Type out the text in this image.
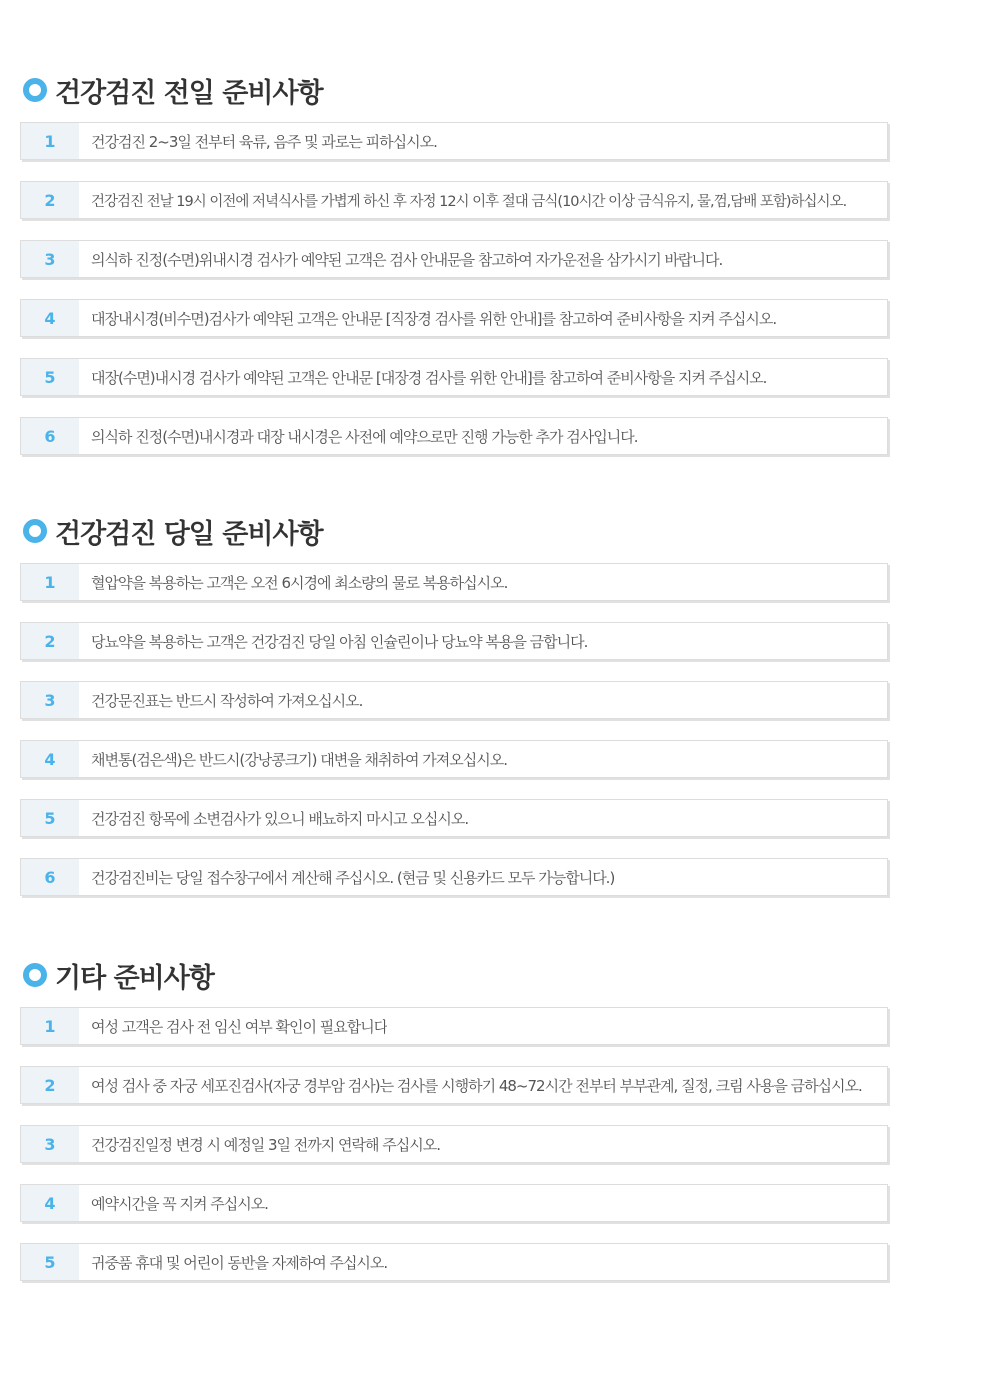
건강검진 전일 준비사항
1	건강검진 2~3일 전부터 육류, 음주 및 과로는 피하십시오.
2	건강검진 전날 19시 이전에 저녁식사를 가볍게 하신 후 자정 12시 이후 절대 금식(10시간 이상 금식유지, 물,껌,담배 포함)하십시오.
3	의식하 진정(수면)위내시경 검사가 예약된 고객은 검사 안내문을 참고하여 자가운전을 삼가시기 바랍니다.
4	대장내시경(비수면)검사가 예약된 고객은 안내문 [직장경 검사를 위한 안내]를 참고하여 준비사항을 지켜 주십시오.
5	대장(수면)내시경 검사가 예약된 고객은 안내문 [대장경 검사를 위한 안내]를 참고하여 준비사항을 지켜 주십시오.
6	의식하 진정(수면)내시경과 대장 내시경은 사전에 예약으로만 진행 가능한 추가 검사입니다.
건강검진 당일 준비사항
1	혈압약을 복용하는 고객은 오전 6시경에 최소량의 물로 복용하십시오.
2	당뇨약을 복용하는 고객은 건강검진 당일 아침 인슐린이나 당뇨약 복용을 금합니다.
3	건강문진표는 반드시 작성하여 가져오십시오.
4	채변통(검은색)은 반드시(강낭콩크기) 대변을 채취하여 가져오십시오.
5	건강검진 항목에 소변검사가 있으니 배뇨하지 마시고 오십시오.
6	건강검진비는 당일 접수창구에서 계산해 주십시오. (현금 및 신용카드 모두 가능합니다.)
기타 준비사항
1	여성 고객은 검사 전 임신 여부 확인이 필요합니다
2	여성 검사 중 자궁 세포진검사(자궁 경부암 검사)는 검사를 시행하기 48~72시간 전부터 부부관계, 질정, 크림 사용을 금하십시오.
3	건강검진일정 변경 시 예정일 3일 전까지 연락해 주십시오.
4	예약시간을 꼭 지켜 주십시오.
5	귀중품 휴대 및 어린이 동반을 자제하여 주십시오.
